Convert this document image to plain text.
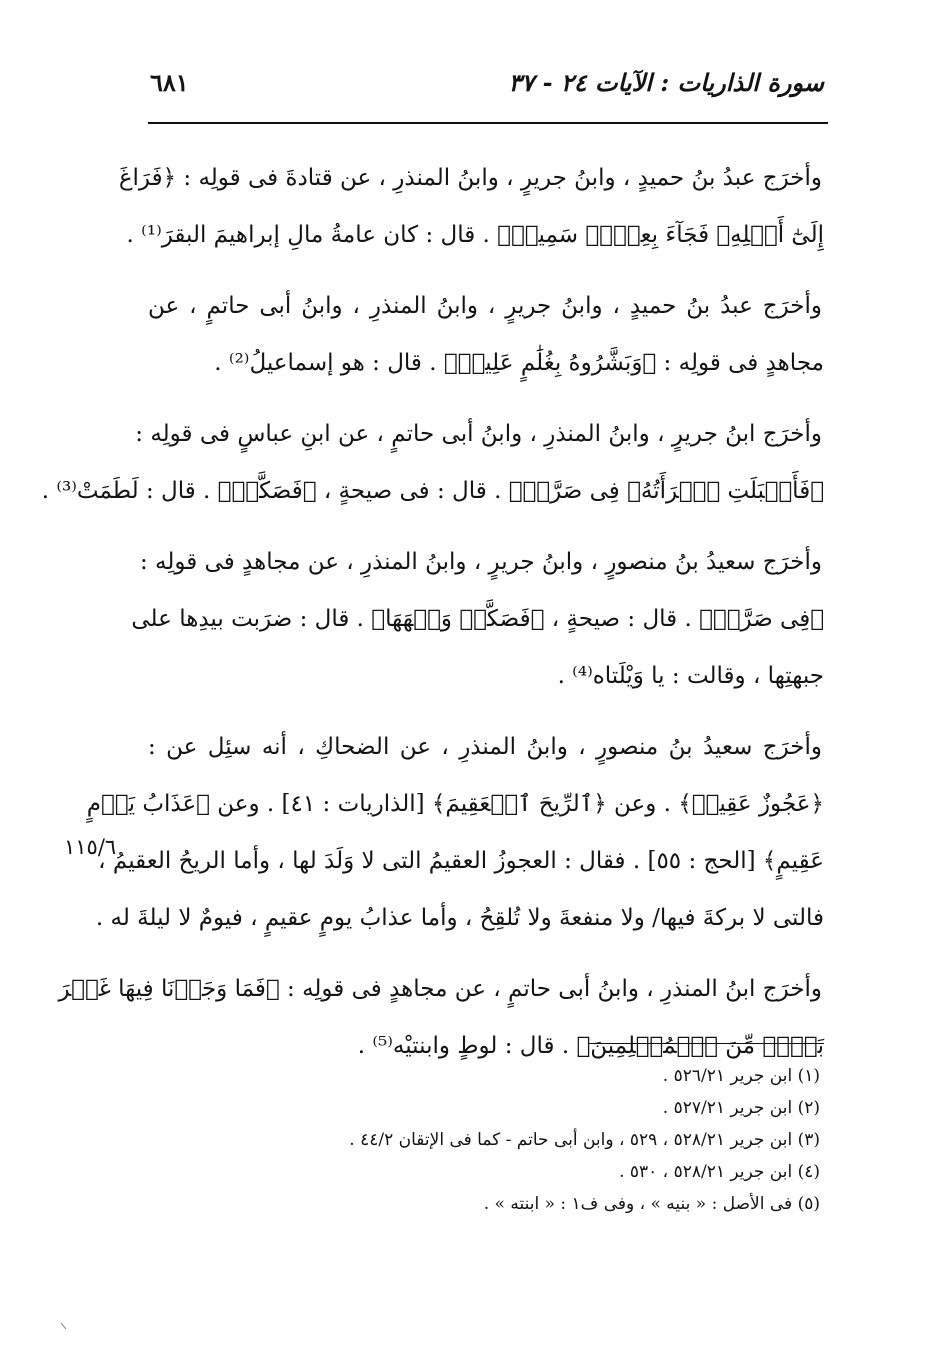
٦٨١	سورة الذاريات : الآيات ٢٤ - ٣٧
وأخرَج عبدُ بنُ حميدٍ ، وابنُ جريرٍ ، وابنُ المنذرِ ، عن قتادةَ فى قولِه : ﴿فَرَاغَ
إِلَىٰٓ أَهۡلِهِۦ فَجَآءَ بِعِجۡلٖ سَمِينٖ﴾ . قال : كان عامةُ مالِ إبراهيمَ البقرَ⁽¹⁾ .
وأخرَج عبدُ بنُ حميدٍ ، وابنُ جريرٍ ، وابنُ المنذرِ ، وابنُ أبى حاتمٍ ، عن
مجاهدٍ فى قولِه : ﴿وَبَشَّرُوهُ بِغُلَٰمٍ عَلِيمٖ﴾ . قال : هو إسماعيلُ⁽²⁾ .
وأخرَج ابنُ جريرٍ ، وابنُ المنذرِ ، وابنُ أبى حاتمٍ ، عن ابنِ عباسٍ فى قولِه :
﴿فَأَقۡبَلَتِ ٱمۡرَأَتُهُۥ فِى صَرَّةٖ﴾ . قال : فى صيحةٍ ، ﴿فَصَكَّتۡ﴾ . قال : لَطَمَتْ⁽³⁾ .
وأخرَج سعيدُ بنُ منصورٍ ، وابنُ جريرٍ ، وابنُ المنذرِ ، عن مجاهدٍ فى قولِه :
﴿فِى صَرَّةٖ﴾ . قال : صيحةٍ ، ﴿فَصَكَّتۡ وَجۡهَهَا﴾ . قال : ضرَبت بيدِها على
جبهتِها ، وقالت : يا وَيْلَتاه⁽⁴⁾ .
وأخرَج سعيدُ بنُ منصورٍ ، وابنُ المنذرِ ، عن الضحاكِ ، أنه سئِل عن :
﴿عَجُوزٌ عَقِيمٞ﴾ . وعن ﴿ٱلرِّيحَ ٱلۡعَقِيمَ﴾ [الذاريات : ٤١] . وعن ﴿عَذَابُ يَوۡمٍ
عَقِيمٍ﴾ [الحج : ٥٥] . فقال : العجوزُ العقيمُ التى لا وَلَدَ لها ، وأما الريحُ العقيمُ ،
فالتى لا بركةَ فيها/ ولا منفعةَ ولا تُلقِحُ ، وأما عذابُ يومٍ عقيمٍ ، فيومٌ لا ليلةَ له .
وأخرَج ابنُ المنذرِ ، وابنُ أبى حاتمٍ ، عن مجاهدٍ فى قولِه : ﴿فَمَا وَجَدۡنَا فِيهَا غَيۡرَ
بَيۡتٖ مِّنَ ٱلۡمُسۡلِمِينَ﴾ . قال : لوطٍ وابنتيْه⁽⁵⁾ .
١١٥/٦
(١) ابن جرير ٥٢٦/٢١ .
(٢) ابن جرير ٥٢٧/٢١ .
(٣) ابن جرير ٥٢٨/٢١ ، ٥٢٩ ، وابن أبى حاتم - كما فى الإتقان ٤٤/٢ .
(٤) ابن جرير ٥٢٨/٢١ ، ٥٣٠ .
(٥) فى الأصل : « بنيه » ، وفى ف١ : « ابنته » .
